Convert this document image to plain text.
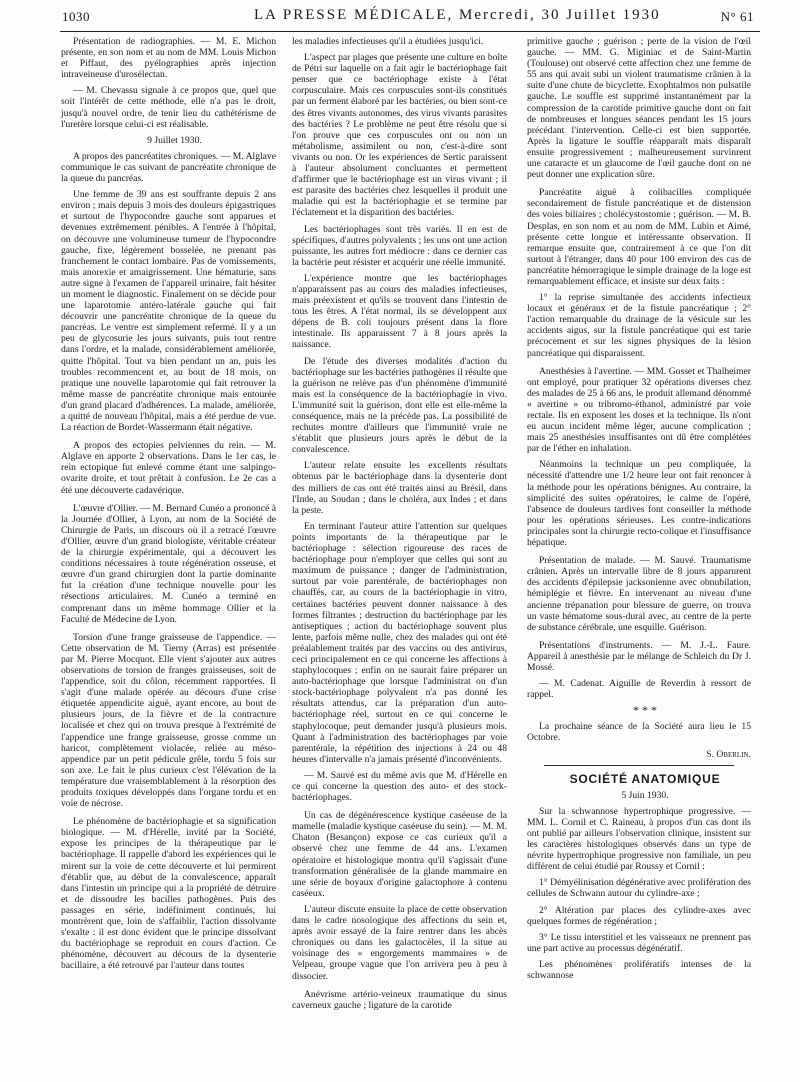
1030	LA PRESSE MÉDICALE, Mercredi, 30 Juillet 1930	N° 61

Présentation de radiographies. — M. E. Michon présente, en son nom et au nom de MM. Louis Michon et Piffaut, des pyélographies après injection intraveineuse d'urosélectan.

— M. Chevassu signale à ce propos que, quel que soit l'intérêt de cette méthode, elle n'a pas le droit, jusqu'à nouvel ordre, de tenir lieu du cathétérisme de l'uretère lorsque celui-ci est réalisable.

9 Juillet 1930.

A propos des pancréatites chroniques. — M. Alglave communique le cas suivant de pancréatite chronique de la queue du pancréas.

Une femme de 39 ans est souffrante depuis 2 ans environ ; mais depuis 3 mois des douleurs épigastriques et surtout de l'hypocondre gauche sont apparues et devenues extrêmement pénibles. A l'entrée à l'hôpital, on découvre une volumineuse tumeur de l'hypocondre gauche, fixe, légèrement bosselée, ne prenant pas franchement le contact lombaire. Pas de vomissements, mais anorexie et amaigrissement. Une hématurie, sans autre signe à l'examen de l'appareil urinaire, fait hésiter un moment le diagnostic. Finalement on se décide pour une laparotomie antéro-latérale gauche qui fait découvrir une pancréatite chronique de la queue du pancréas. Le ventre est simplement refermé. Il y a un peu de glycosurie les jours suivants, puis tout rentre dans l'ordre, et la malade, considérablement améliorée, quitte l'hôpital. Tout va bien pendant un an, puis les troubles recommencent et, au bout de 18 mois, on pratique une nouvelle laparotomie qui fait retrouver la même masse de pancréatite chronique mais entourée d'un grand placard d'adhérences. La malade, améliorée, a quitté de nouveau l'hôpital, mais a été perdue de vue. La réaction de Bordet-Wassermann était négative.

A propos des ectopies pelviennes du rein. — M. Alglave en apporte 2 observations. Dans le 1er cas, le rein ectopique fut enlevé comme étant une salpingo-ovarite droite, et tout prêtait à confusion. Le 2e cas a été une découverte cadavérique.

L'œuvre d'Ollier. — M. Bernard Cunéo a prononcé à la Journée d'Ollier, à Lyon, au nom de la Société de Chirurgie de Paris, un discours où il a retracé l'œuvre d'Ollier, œuvre d'un grand biologiste, véritable créateur de la chirurgie expérimentale, qui a découvert les conditions nécessaires à toute régénération osseuse, et œuvre d'un grand chirurgien dont la partie dominante fut la création d'une technique nouvelle pour les résections articulaires. M. Cunéo a terminé en comprenant dans un même hommage Ollier et la Faculté de Médecine de Lyon.

Torsion d'une frange graisseuse de l'appendice. — Cette observation de M. Tierny (Arras) est présentée par M. Pierre Mocquot. Elle vient s'ajouter aux autres observations de torsion de franges graisseuses, soit de l'appendice, soit du côlon, récemment rapportées. Il s'agit d'une malade opérée au décours d'une crise étiquetée appendicite aiguë, ayant encore, au bout de plusieurs jours, de la fièvre et de la contracture localisée et chez qui on trouva presque à l'extrémité de l'appendice une frange graisseuse, grosse comme un haricot, complètement violacée, reliée au méso-appendice par un petit pédicule grêle, tordu 5 fois sur son axe. Le fait le plus curieux c'est l'élévation de la température due vraisemblablement à la résorption des produits toxiques développés dans l'organe tordu et en voie de nécrose.

Le phénomène de bactériophagie et sa signification biologique. — M. d'Hérelle, invité par la Société, expose les principes de la thérapeutique par le bactériophage. Il rappelle d'abord les expériences qui le mirent sur la voie de cette découverte et lui permirent d'établir que, au début de la convalescence, apparaît dans l'intestin un principe qui a la propriété de détruire et de dissoudre les bacilles pathogènes. Puis des passages en série, indéfiniment continués, lui montrèrent que, loin de s'affaiblir, l'action dissolvante s'exalte : il est donc évident que le principe dissolvant du bactériophage se reproduit en cours d'action. Ce phénomène, découvert au décours de la dysenterie bacillaire, a été retrouvé par l'auteur dans toutes

les maladies infectieuses qu'il a étudiées jusqu'ici.

L'aspect par plages que présente une culture en boîte de Pétri sur laquelle on a fait agir le bactériophage fait penser que ce bactériophage existe à l'état corpusculaire. Mais ces corpuscules sont-ils constitués par un ferment élaboré par les bactéries, ou bien sont-ce des êtres vivants autonomes, des virus vivants parasites des bactéries ? Le problème ne peut être résolu que si l'on prouve que ces corpuscules ont ou non un métabolisme, assimilent ou non, c'est-à-dire sont vivants ou non. Or les expériences de Sertic paraissent à l'auteur absolument concluantes et permettent d'affirmer que le bactériophage est un virus vivant ; il est parasite des bactéries chez lesquelles il produit une maladie qui est la bactériophagie et se termine par l'éclatement et la disparition des bactéries.

Les bactériophages sont très variés. Il en est de spécifiques, d'autres polyvalents ; les uns ont une action puissante, les autres fort médiocre : dans ce dernier cas la bactérie peut résister et acquérir une réelle immunité.

L'expérience montre que les bactériophages n'apparaissent pas au cours des maladies infectieuses, mais préexistent et qu'ils se trouvent dans l'intestin de tous les êtres. A l'état normal, ils se développent aux dépens de B. coli toujours présent dans la flore intestinale. Ils apparaissent 7 à 8 jours après la naissance.

De l'étude des diverses modalités d'action du bactériophage sur les bactéries pathogènes il résulte que la guérison ne relève pas d'un phénomène d'immunité mais est la conséquence de la bactériophagie in vivo. L'immunité suit la guérison, dont elle est elle-même la conséquence, mais ne la précède pas. La possibilité de rechutes montre d'ailleurs que l'immunité vraie ne s'établit que plusieurs jours après le début de la convalescence.

L'auteur relate ensuite les excellents résultats obtenus par le bactériophage dans la dysenterie dont des milliers de cas ont été traités ainsi au Brésil, dans l'Inde, au Soudan ; dans le choléra, aux Indes ; et dans la peste.

En terminant l'auteur attire l'attention sur quelques points importants de la thérapeutique par le bactériophage : sélection rigoureuse des races de bactériophage pour n'employer que celles qui sont au maximum de puissance ; danger de l'administration, surtout par voie parentérale, de bactériophages non chauffés, car, au cours de la bactériophagie in vitro, certaines bactéries peuvent donner naissance à des formes filtrantes ; destruction du bactériophage par les antiseptiques ; action du bactériophage souvent plus lente, parfois même nulle, chez des malades qui ont été préalablement traités par des vaccins ou des antivirus, ceci principalement en ce qui concerne les affections à staphylocoques ; enfin on ne saurait faire préparer un auto-bactériophage que lorsque l'administrat on d'un stock-bactériophage polyvalent n'a pas donné les résultats attendus, car la préparation d'un auto-bactériophage réel, surtout en ce qui concerne le staphylocoque, peut demander jusqu'à plusieurs mois. Quant à l'administration des bactériophages par voie parentérale, la répétition des injections à 24 ou 48 heures d'intervalle n'a jamais présenté d'inconvénients.

— M. Sauvé est du même avis que M. d'Hérelle en ce qui concerne la question des auto- et des stock-bactériophages.

Un cas de dégénérescence kystique caséeuse de la mamelle (maladie kystique caséeuse du sein). — M. M. Chaton (Besançon) expose ce cas curieux qu'il a observé chez une femme de 44 ans. L'examen opératoire et histologique montra qu'il s'agissait d'une transformation généralisée de la glande mammaire en une série de boyaux d'origine galactophore à contenu caséeux.

L'auteur discute ensuite la place de cette observation dans le cadre nosologique des affections du sein et, après avoir essayé de la faire rentrer dans les abcès chroniques ou dans les galactocèles, il la situe au voisinage des « engorgements mammaires » de Velpeau, groupe vague que l'on arrivera peu à peu à dissocier.

Anévrisme artério-veineux traumatique du sinus caverneux gauche ; ligature de la carotide

primitive gauche ; guérison ; perte de la vision de l'œil gauche. — MM. G. Miginiac et de Saint-Martin (Toulouse) ont observé cette affection chez une femme de 55 ans qui avait subi un violent traumatisme crânien à la suite d'une chute de bicyclette. Exophtalmos non pulsatile gauche. Le souffle est supprimé instantanément par la compression de la carotide primitive gauche dont on fait de nombreuses et longues séances pendant les 15 jours précédant l'intervention. Celle-ci est bien supportée. Après la ligature le souffle réapparaît mais disparaît ensuite progressivement ; malheureusement survinrent une cataracte et un glaucome de l'œil gauche dont on ne peut donner une explication sûre.

Pancréatite aiguë à colibacilles compliquée secondairement de fistule pancréatique et de distension des voies biliaires ; cholécystostomie ; guérison. — M. B. Desplas, en son nom et au nom de MM. Lubin et Aimé, présente cette longue et intéressante observation. Il remarque ensuite que, contrairement à ce que l'on dit surtout à l'étranger, dans 40 pour 100 environ des cas de pancréatite hémorragique le simple drainage de la loge est remarquablement efficace, et insiste sur deux faits :

1° la reprise simultanée des accidents infectieux locaux et généraux et de la fistule pancréatique ; 2° l'action remarquable du drainage de la vésicule sur les accidents aigus, sur la fistule pancréatique qui est tarie précocement et sur les signes physiques de la lésion pancréatique qui disparaissent.

Anesthésies à l'avertine. — MM. Gosset et Thalheimer ont employé, pour pratiquer 32 opérations diverses chez des malades de 25 à 66 ans, le produit allemand dénommé « avertine » ou tribromo-éthanol, administré par voie rectale. Ils en exposent les doses et la technique. Ils n'ont eu aucun incident même léger, aucune complication ; mais 25 anesthésies insuffisantes ont dû être complétées par de l'éther en inhalation.

Néanmoins la technique un peu compliquée, la nécessité d'attendre une 1/2 heure leur ont fait renoncer à la méthode pour les opérations bénignes. Au contraire, la simplicité des suites opératoires, le calme de l'opéré, l'absence de douleurs tardives font conseiller la méthode pour les opérations sérieuses. Les contre-indications principales sont la chirurgie recto-colique et l'insuffisance hépatique.

Présentation de malade. — M. Sauvé. Traumatisme crânien. Après un intervalle libre de 8 jours apparurent des accidents d'épilepsie jacksonienne avec obnubilation, hémiplégie et fièvre. En intervenant au niveau d'une ancienne trépanation pour blessure de guerre, on trouva un vaste hématome sous-dural avec, au centre de la perte de substance cérébrale, une esquille. Guérison.

Présentations d'instruments. — M. J.-L. Faure. Appareil à anesthésie par le mélange de Schleich du Dr J. Mossé.

— M. Cadenat. Aiguille de Reverdin à ressort de rappel.

* * *

La prochaine séance de la Société aura lieu le 15 Octobre.

S. Oberlin.

SOCIÉTÉ ANATOMIQUE

5 Juin 1930.

Sur la schwannose hypertrophique progressive. — MM. L. Cornil et C. Raineau, à propos d'un cas dont ils ont publié par ailleurs l'observation clinique, insistent sur les caractères histologiques observés dans un type de névrite hypertrophique progressive non familiale, un peu différent de celui étudié par Roussy et Cornil :

1° Démyélinisation dégénérative avec prolifération des cellules de Schwann autour du cylindre-axe ;

2° Altération par places des cylindre-axes avec quelques formes de régénération ;

3° Le tissu interstitiel et les vaisseaux ne prennent pas une part active au processus dégénératif.

Les phénomènes prolifératifs intenses de la schwannose
